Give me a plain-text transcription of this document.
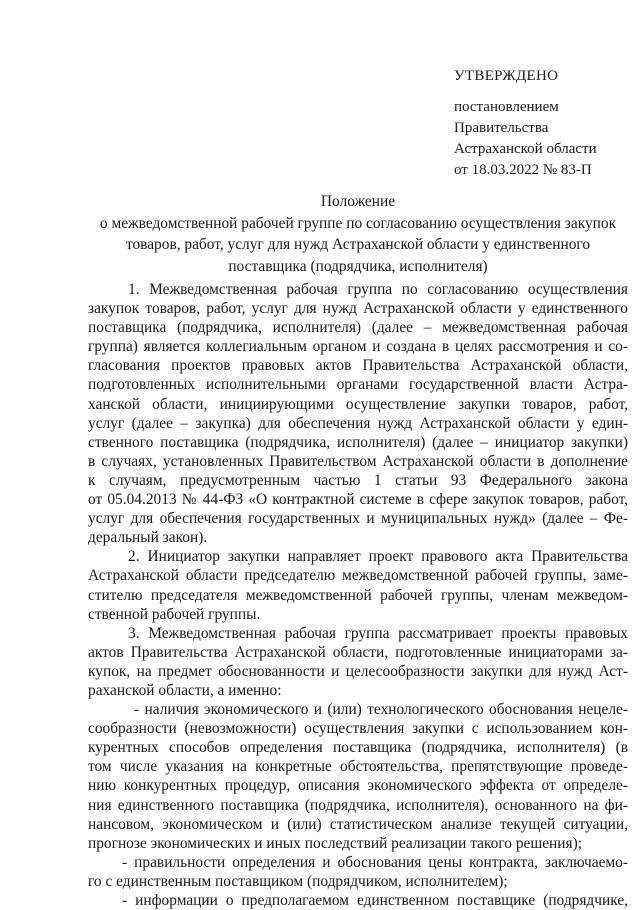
УТВЕРЖДЕНО
постановлением
Правительства
Астраханской области
от 18.03.2022 № 83-П
Положение
о межведомственной рабочей группе по согласованию осуществления закупок
товаров, работ, услуг для нужд Астраханской области у единственного
поставщика (подрядчика, исполнителя)
1. Межведомственная рабочая группа по согласованию осуществления
закупок товаров, работ, услуг для нужд Астраханской области у единственного
поставщика (подрядчика, исполнителя) (далее – межведомственная рабочая
группа) является коллегиальным органом и создана в целях рассмотрения и со-
гласования проектов правовых актов Правительства Астраханской области,
подготовленных исполнительными органами государственной власти Астра-
ханской области, инициирующими осуществление закупки товаров, работ,
услуг (далее – закупка) для обеспечения нужд Астраханской области у един-
ственного поставщика (подрядчика, исполнителя) (далее – инициатор закупки)
в случаях, установленных Правительством Астраханской области в дополнение
к случаям, предусмотренным частью 1 статьи 93 Федерального закона
от 05.04.2013 № 44-ФЗ «О контрактной системе в сфере закупок товаров, работ,
услуг для обеспечения государственных и муниципальных нужд» (далее – Фе-
деральный закон).
2. Инициатор закупки направляет проект правового акта Правительства
Астраханской области председателю межведомственной рабочей группы, заме-
стителю председателя межведомственной рабочей группы, членам межведом-
ственной рабочей группы.
3. Межведомственная рабочая группа рассматривает проекты правовых
актов Правительства Астраханской области, подготовленные инициаторами за-
купок, на предмет обоснованности и целесообразности закупки для нужд Аст-
раханской области, а именно:
- наличия экономического и (или) технологического обоснования нецеле-
сообразности (невозможности) осуществления закупки с использованием кон-
курентных способов определения поставщика (подрядчика, исполнителя) (в
том числе указания на конкретные обстоятельства, препятствующие проведе-
нию конкурентных процедур, описания экономического эффекта от определе-
ния единственного поставщика (подрядчика, исполнителя), основанного на фи-
нансовом, экономическом и (или) статистическом анализе текущей ситуации,
прогнозе экономических и иных последствий реализации такого решения);
- правильности определения и обоснования цены контракта, заключаемо-
го с единственным поставщиком (подрядчиком, исполнителем);
- информации о предполагаемом единственном поставщике (подрядчике,
